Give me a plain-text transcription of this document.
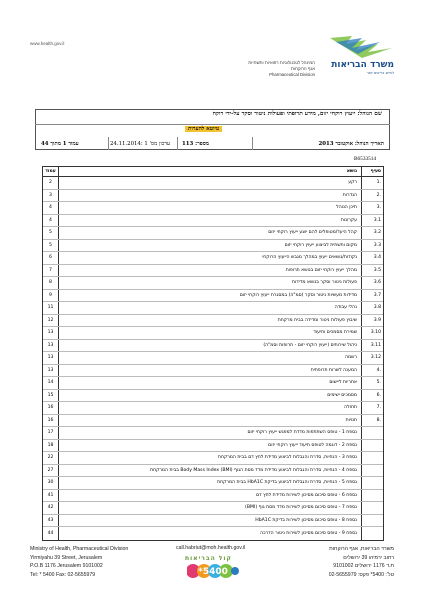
www.health.gov.il
המינהל לטכנולוגיות רפואיות ותשתיות
אגף הרוקחות
Pharmaceutical Division
משרד הבריאות
לחיים בריאים יותר
שם הנוהל: ייעוץ רוקחי יזום, מידע תרופתי ופעולות ניטור וסקר על-ידי רוקח
טיוטא להערות
תאריך הנוהל: אוקטובר 2013
מספר: 113
עדכון מס' 1 :24.11.2014
עמוד 1 מתוך 44
B6533514
עמוד	נושא	סעיף
2	רקע	1.
3	הגדרות	2.
4	תיכן הנוהל	3.
4	עקרונות	3.1
5	קהל היעד/מטופלים להם יוצע ייעוץ רוקחי יזום	3.2
5	מקום ותשתית לביצוע ייעוץ רוקחי יזום	3.3
6	נקודות/נושאים ייעוץ במהלך מגבש הייעוץ הרוקחי	3.4
7	מהלך ייעוץ רוקחי יזום בנושא תרופות	3.5
8	פעולות ניטור וסקר בנושא מדידות	3.6
9	מדידות מעשיות ניטור וסקר (סמ"ה) במסגרת ייעוץ רוקחי יזום	3.7
11	נהלי עבודה	3.8
12	שיבוץ פעולות ניטור ומדידה בבית מרקחת	3.9
13	שמירת מסמכים ותיעוד	3.10
13	ניהול שירותים (ייעוץ רוקחי יזום - תרופות וסמ"ה)	3.11
13	רשמה	3.12
13	המענה לשרות תרופתית	4.
14	אחריות ליישום	5.
15	מסמכים ישימים	6.
16	תחולה	7.
16	תנויות	8.
17	נספח 1 - טופס השתתפות מדדת למפגש ייעוץ רוקחי יזום
18	נספח 2 - דוגמה לטופס תיעוד ייעוץ רוקחי יזום
22	נספח 3 - הנחיות, סדרת והגבלות לביצוע מדידת לחץ דם בבית המרקחת
27	נספח 4 - הנחיות, סדרת והגבלות לביצוע מדידת מדד מסת הגוף Body Mass Index (BMI) בבית המרקחת
30	נספח 5 - הנחיות, סדרת והגבלות לביצוע בדיקת HbA1C בבית המרקחת
41	נספח 6 - טופס סיכום מסיכון לשירות מדידת לחץ דם
42	נספח 7 - טופס סיכום מסיכון לשירות מדד מסת גוף (BMI)
43	נספח 8 - טופס סיכום מסיכון לשירות בדיקת HbA1C
44	נספח 9 - טופס סיכום מסיכון לשירות ניטור הדרכה
Ministry of Health, Pharmaceutical Division
Yirmiyahu 39 Street, Jerusalem
P.O.B 1176 Jerusalem 9101002
Tel: * 5400 Fax: 02-5655979
call.habriut@moh.health.gov.il
קול הבריאות
*5400
משרד הבריאות, אגף הרוקחות
רחוב ירמיהו 39 ירושלים
ת.ד 1176 ירושלים 9101002
טל': 5400* פקס: 02-5655979
